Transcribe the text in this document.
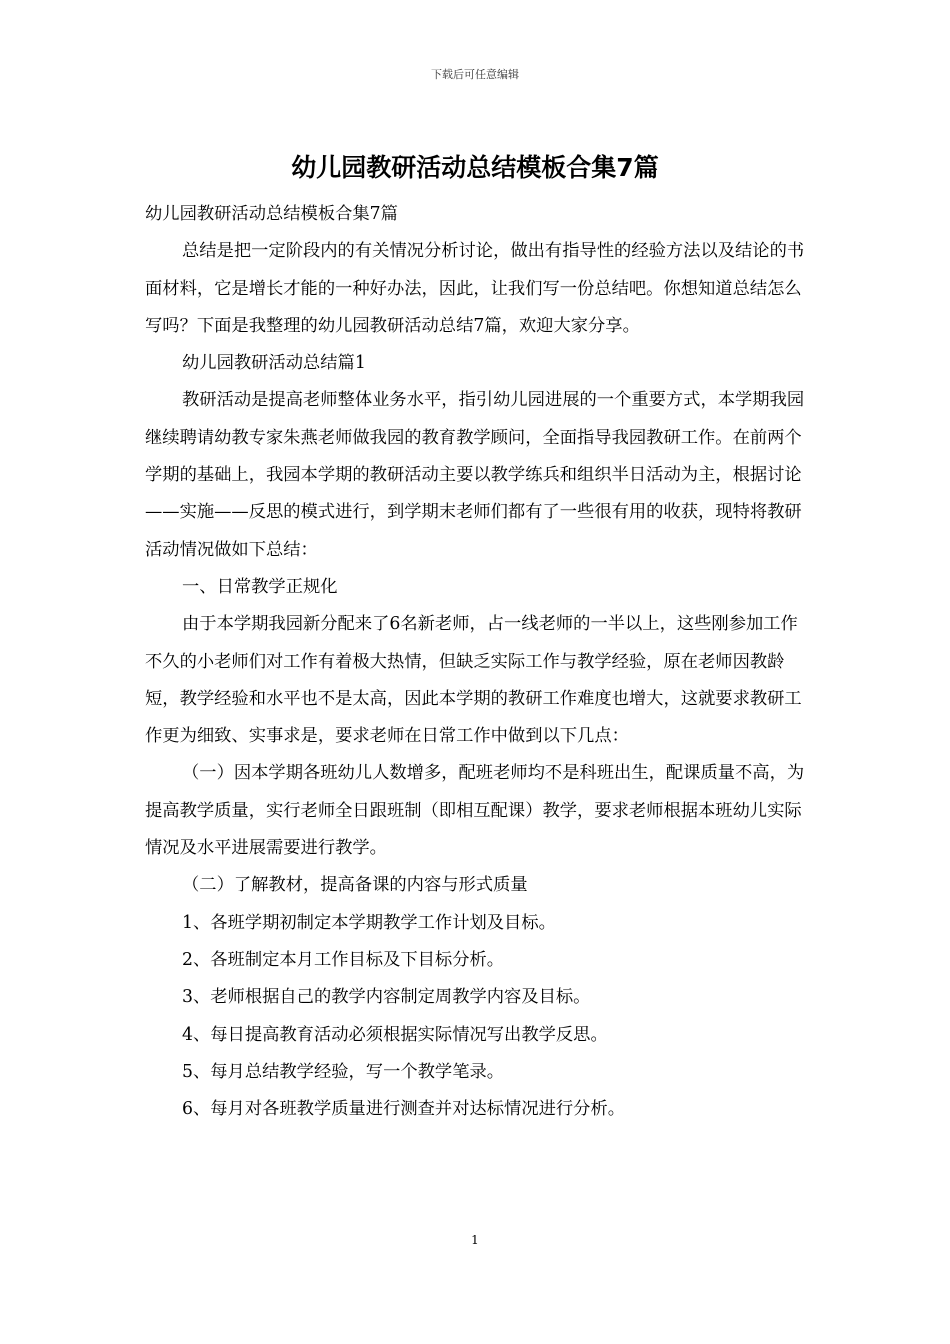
下载后可任意编辑
幼儿园教研活动总结模板合集7篇

幼儿园教研活动总结模板合集7篇

总结是把一定阶段内的有关情况分析讨论，做出有指导性的经验方法以及结论的书面材料，它是增长才能的一种好办法，因此，让我们写一份总结吧。你想知道总结怎么写吗？下面是我整理的幼儿园教研活动总结7篇，欢迎大家分享。

幼儿园教研活动总结篇1

教研活动是提高老师整体业务水平，指引幼儿园进展的一个重要方式，本学期我园继续聘请幼教专家朱燕老师做我园的教育教学顾问，全面指导我园教研工作。在前两个学期的基础上，我园本学期的教研活动主要以教学练兵和组织半日活动为主，根据讨论——实施——反思的模式进行，到学期末老师们都有了一些很有用的收获，现特将教研活动情况做如下总结：

一、日常教学正规化

由于本学期我园新分配来了6名新老师，占一线老师的一半以上，这些刚参加工作不久的小老师们对工作有着极大热情，但缺乏实际工作与教学经验，原在老师因教龄短，教学经验和水平也不是太高，因此本学期的教研工作难度也增大，这就要求教研工作更为细致、实事求是，要求老师在日常工作中做到以下几点：

（一）因本学期各班幼儿人数增多，配班老师均不是科班出生，配课质量不高，为提高教学质量，实行老师全日跟班制（即相互配课）教学，要求老师根据本班幼儿实际情况及水平进展需要进行教学。

（二）了解教材，提高备课的内容与形式质量

1、各班学期初制定本学期教学工作计划及目标。

2、各班制定本月工作目标及下目标分析。

3、老师根据自己的教学内容制定周教学内容及目标。

4、每日提高教育活动必须根据实际情况写出教学反思。

5、每月总结教学经验，写一个教学笔录。

6、每月对各班教学质量进行测查并对达标情况进行分析。

1
